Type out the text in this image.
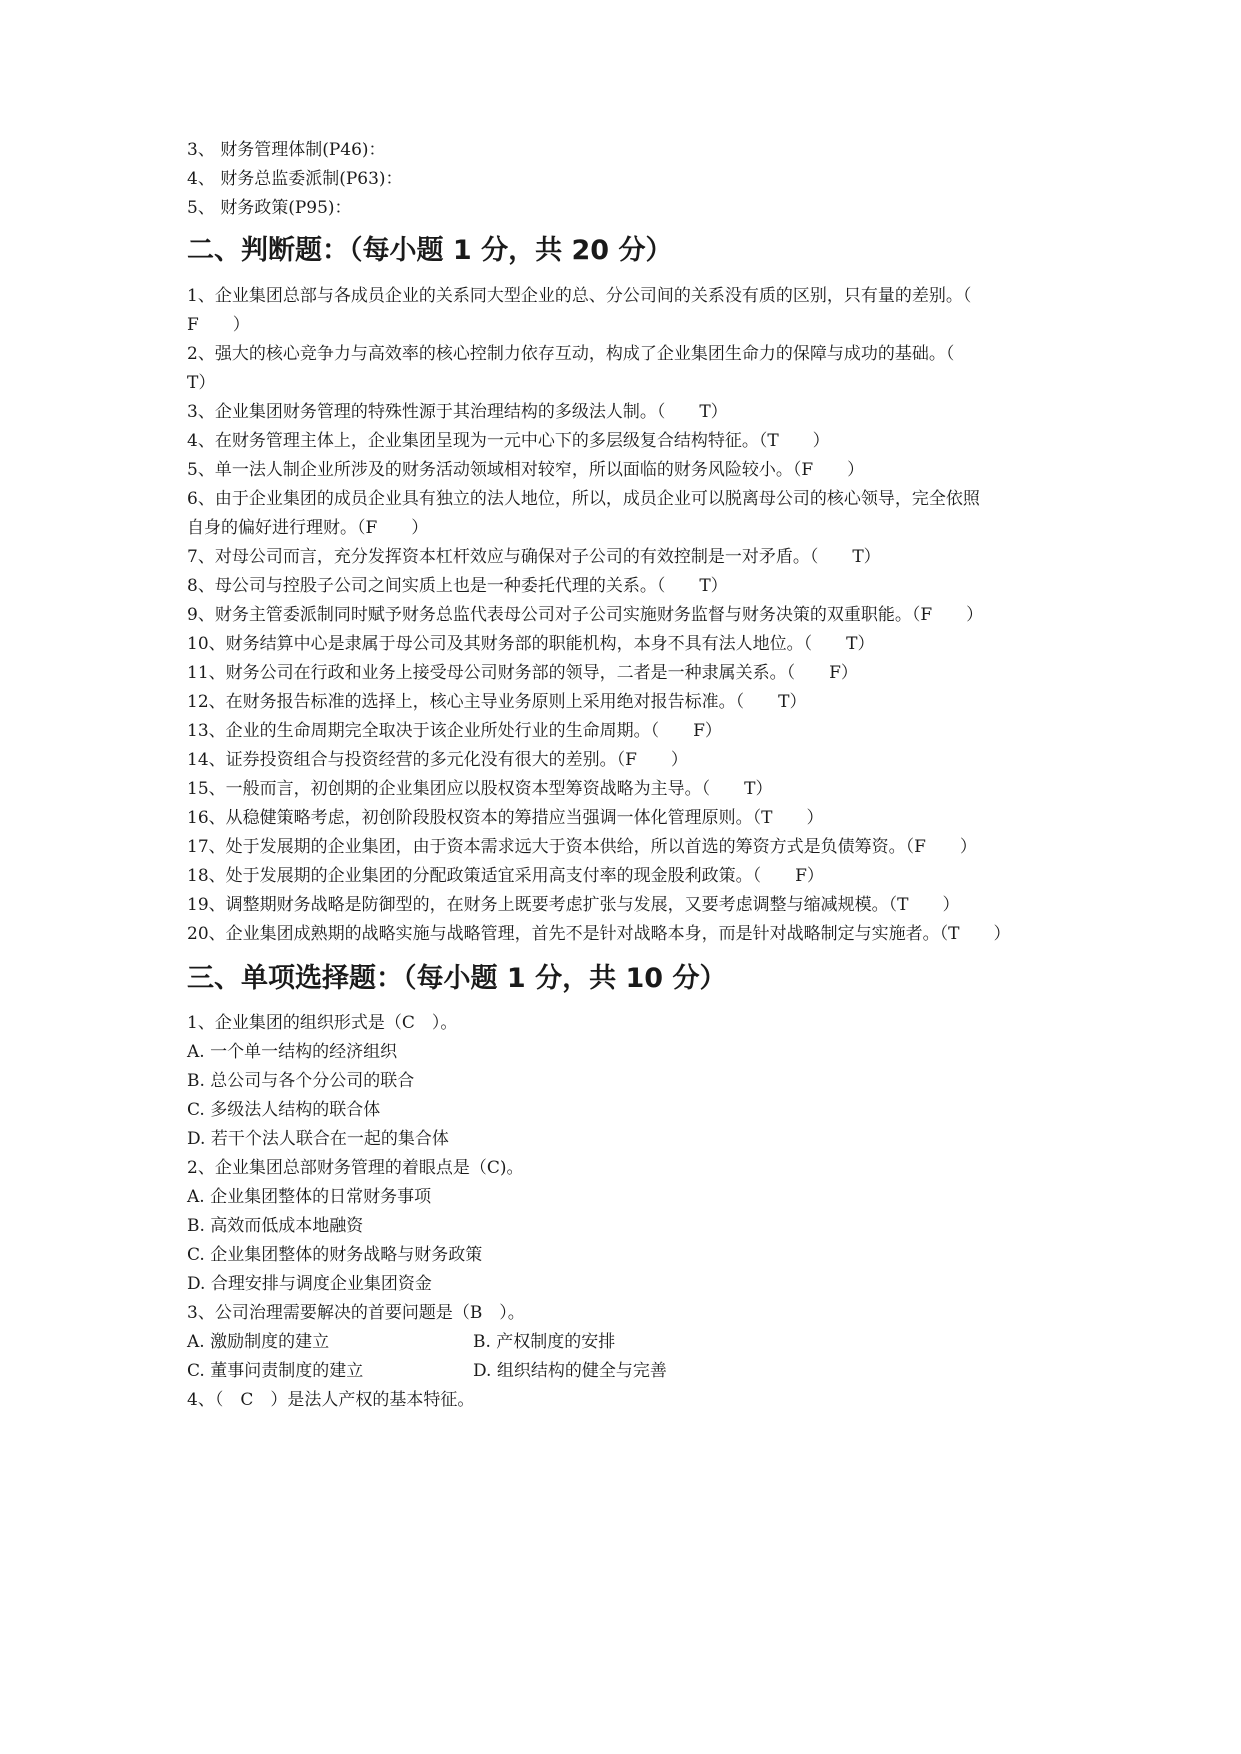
3、 财务管理体制(P46)：
4、 财务总监委派制(P63)：
5、 财务政策(P95)：
二、判断题：（每小题 1 分，共 20 分）
1、企业集团总部与各成员企业的关系同大型企业的总、分公司间的关系没有质的区别，只有量的差别。（
F　　）
2、强大的核心竞争力与高效率的核心控制力依存互动，构成了企业集团生命力的保障与成功的基础。（
T）
3、企业集团财务管理的特殊性源于其治理结构的多级法人制。（　　T）
4、在财务管理主体上，企业集团呈现为一元中心下的多层级复合结构特征。（T　　）
5、单一法人制企业所涉及的财务活动领域相对较窄，所以面临的财务风险较小。（F　　）
6、由于企业集团的成员企业具有独立的法人地位，所以，成员企业可以脱离母公司的核心领导，完全依照
自身的偏好进行理财。（F　　）
7、对母公司而言，充分发挥资本杠杆效应与确保对子公司的有效控制是一对矛盾。（　　T）
8、母公司与控股子公司之间实质上也是一种委托代理的关系。（　　T）
9、财务主管委派制同时赋予财务总监代表母公司对子公司实施财务监督与财务决策的双重职能。（F　　）
10、财务结算中心是隶属于母公司及其财务部的职能机构，本身不具有法人地位。（　　T）
11、财务公司在行政和业务上接受母公司财务部的领导，二者是一种隶属关系。（　　F）
12、在财务报告标准的选择上，核心主导业务原则上采用绝对报告标准。（　　T）
13、企业的生命周期完全取决于该企业所处行业的生命周期。（　　F）
14、证券投资组合与投资经营的多元化没有很大的差别。（F　　）
15、一般而言，初创期的企业集团应以股权资本型筹资战略为主导。（　　T）
16、从稳健策略考虑，初创阶段股权资本的筹措应当强调一体化管理原则。（T　　）
17、处于发展期的企业集团，由于资本需求远大于资本供给，所以首选的筹资方式是负债筹资。（F　　）
18、处于发展期的企业集团的分配政策适宜采用高支付率的现金股利政策。（　　F）
19、调整期财务战略是防御型的，在财务上既要考虑扩张与发展，又要考虑调整与缩减规模。（T　　）
20、企业集团成熟期的战略实施与战略管理，首先不是针对战略本身，而是针对战略制定与实施者。（T　　）
三、单项选择题：（每小题 1 分，共 10 分）
1、企业集团的组织形式是（C　）。
A. 一个单一结构的经济组织
B. 总公司与各个分公司的联合
C. 多级法人结构的联合体
D. 若干个法人联合在一起的集合体
2、企业集团总部财务管理的着眼点是（C)。
A. 企业集团整体的日常财务事项
B. 高效而低成本地融资
C. 企业集团整体的财务战略与财务政策
D. 合理安排与调度企业集团资金
3、公司治理需要解决的首要问题是（B　）。
A. 激励制度的建立	B. 产权制度的安排
C. 董事问责制度的建立	D. 组织结构的健全与完善
4、（　C　）是法人产权的基本特征。
